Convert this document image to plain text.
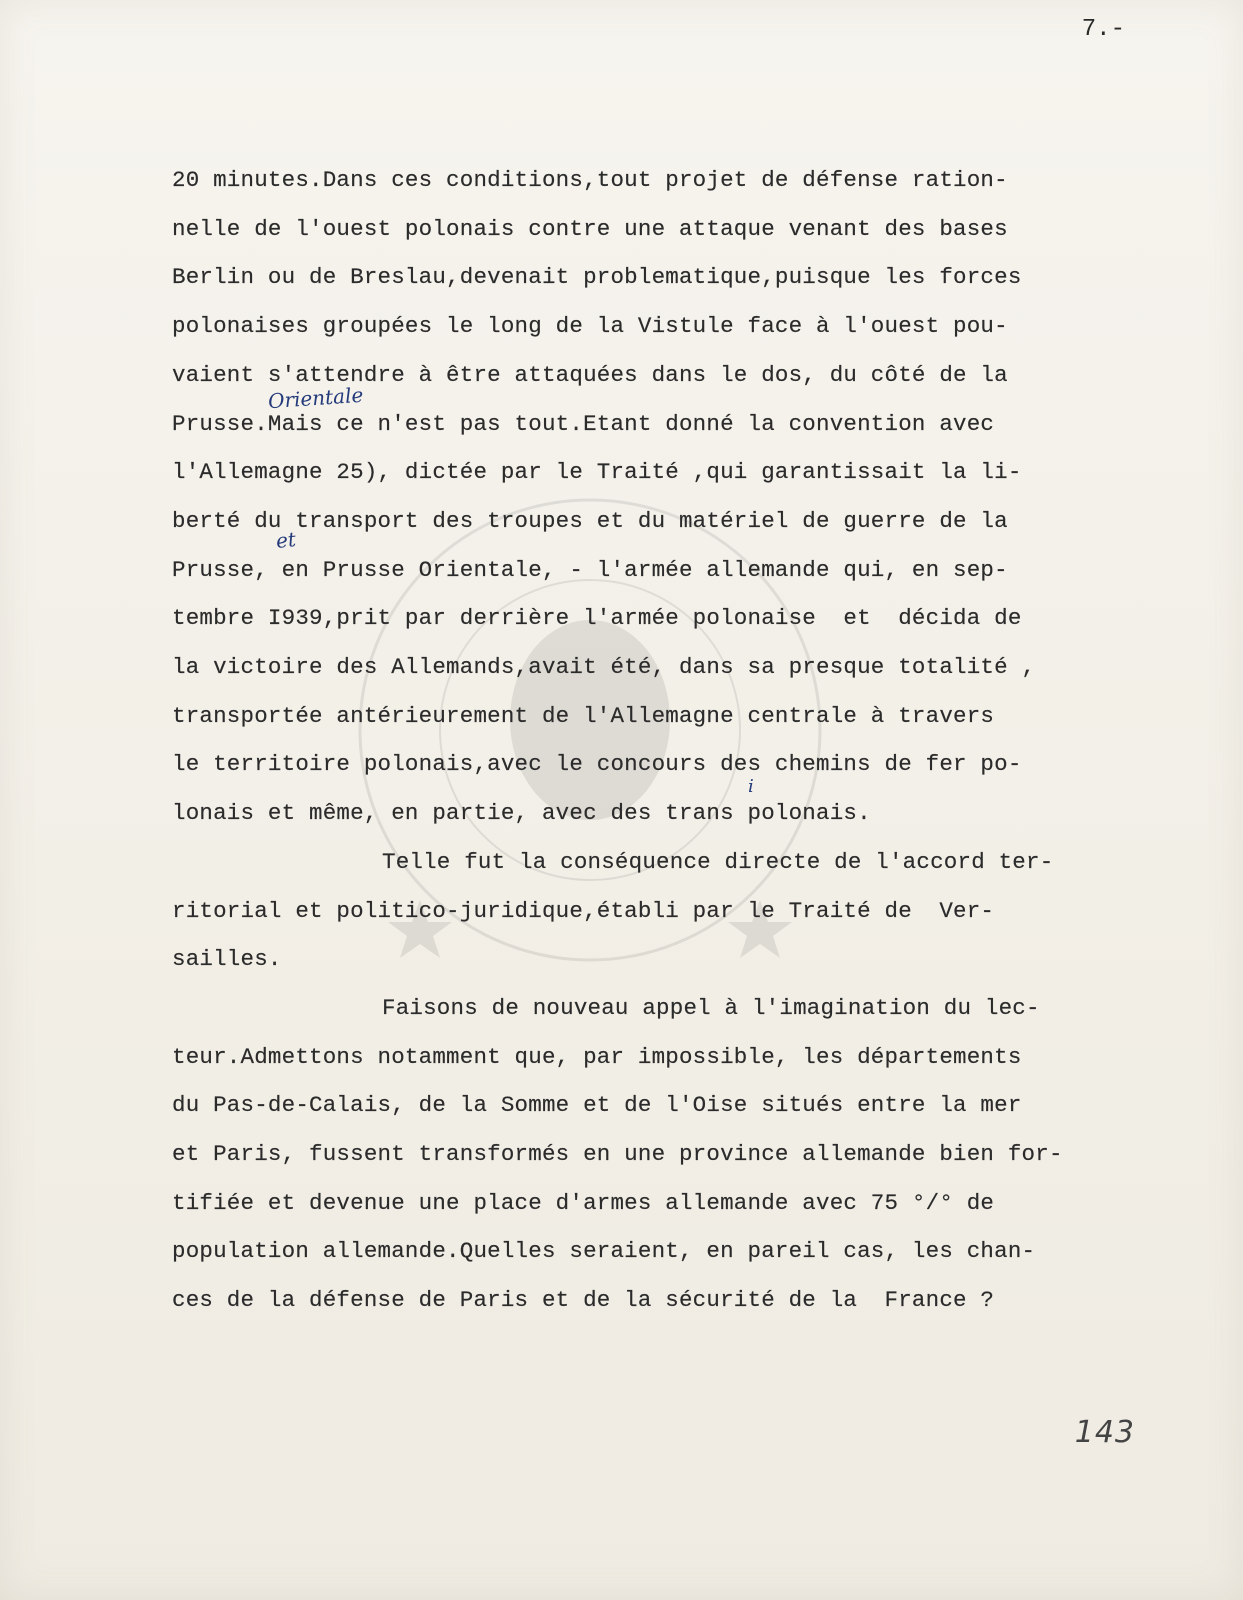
7.-
Orientale
et
i
20 minutes.Dans ces conditions,tout projet de défense ration-
nelle de l'ouest polonais contre une attaque venant des bases
Berlin ou de Breslau,devenait problematique,puisque les forces
polonaises groupées le long de la Vistule face à l'ouest pou-
vaient s'attendre à être attaquées dans le dos, du côté de la
Prusse.Mais ce n'est pas tout.Etant donné la convention avec
l'Allemagne 25), dictée par le Traité ,qui garantissait la li-
berté du transport des troupes et du matériel de guerre de la
Prusse, en Prusse Orientale, - l'armée allemande qui, en sep-
tembre I939,prit par derrière l'armée polonaise  et  décida de
la victoire des Allemands,avait été, dans sa presque totalité ,
transportée antérieurement de l'Allemagne centrale à travers
le territoire polonais,avec le concours des chemins de fer po-
lonais et même, en partie, avec des trans polonais.
Telle fut la conséquence directe de l'accord ter-
ritorial et politico-juridique,établi par le Traité de  Ver-
sailles.
Faisons de nouveau appel à l'imagination du lec-
teur.Admettons notamment que, par impossible, les départements
du Pas-de-Calais, de la Somme et de l'Oise situés entre la mer
et Paris, fussent transformés en une province allemande bien for-
tifiée et devenue une place d'armes allemande avec 75 °/° de
population allemande.Quelles seraient, en pareil cas, les chan-
ces de la défense de Paris et de la sécurité de la  France ?
143
